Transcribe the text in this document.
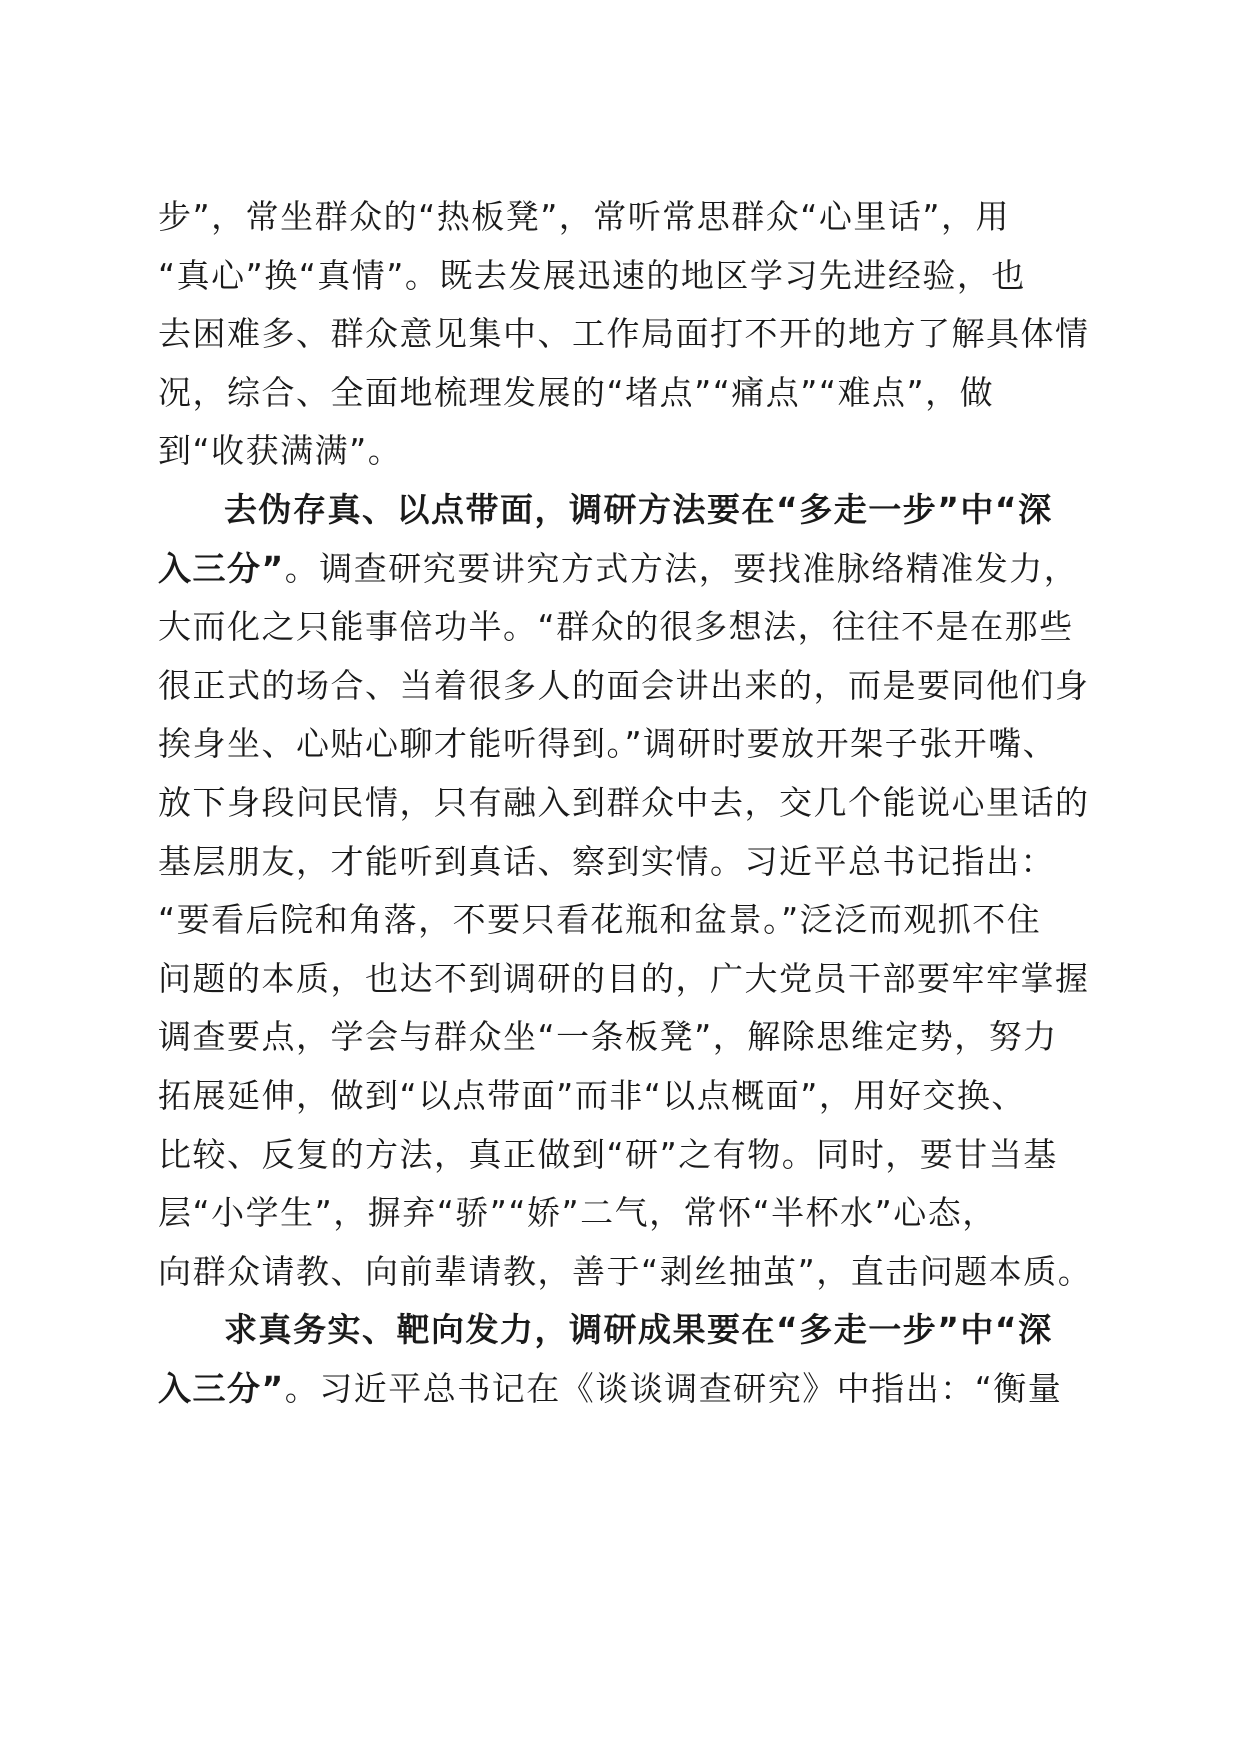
步”，常坐群众的“热板凳”，常听常思群众“心里话”，用
“真心”换“真情”。既去发展迅速的地区学习先进经验，也
去困难多、群众意见集中、工作局面打不开的地方了解具体情
况，综合、全面地梳理发展的“堵点”“痛点”“难点”，做
到“收获满满”。
去伪存真、以点带面，调研方法要在“多走一步”中“深
入三分”。调查研究要讲究方式方法，要找准脉络精准发力，
大而化之只能事倍功半。“群众的很多想法，往往不是在那些
很正式的场合、当着很多人的面会讲出来的，而是要同他们身
挨身坐、心贴心聊才能听得到。”调研时要放开架子张开嘴、
放下身段问民情，只有融入到群众中去，交几个能说心里话的
基层朋友，才能听到真话、察到实情。习近平总书记指出：
“要看后院和角落，不要只看花瓶和盆景。”泛泛而观抓不住
问题的本质，也达不到调研的目的，广大党员干部要牢牢掌握
调查要点，学会与群众坐“一条板凳”，解除思维定势，努力
拓展延伸，做到“以点带面”而非“以点概面”，用好交换、
比较、反复的方法，真正做到“研”之有物。同时，要甘当基
层“小学生”，摒弃“骄”“娇”二气，常怀“半杯水”心态，
向群众请教、向前辈请教，善于“剥丝抽茧”，直击问题本质。
求真务实、靶向发力，调研成果要在“多走一步”中“深
入三分”。习近平总书记在《谈谈调查研究》中指出：“衡量
